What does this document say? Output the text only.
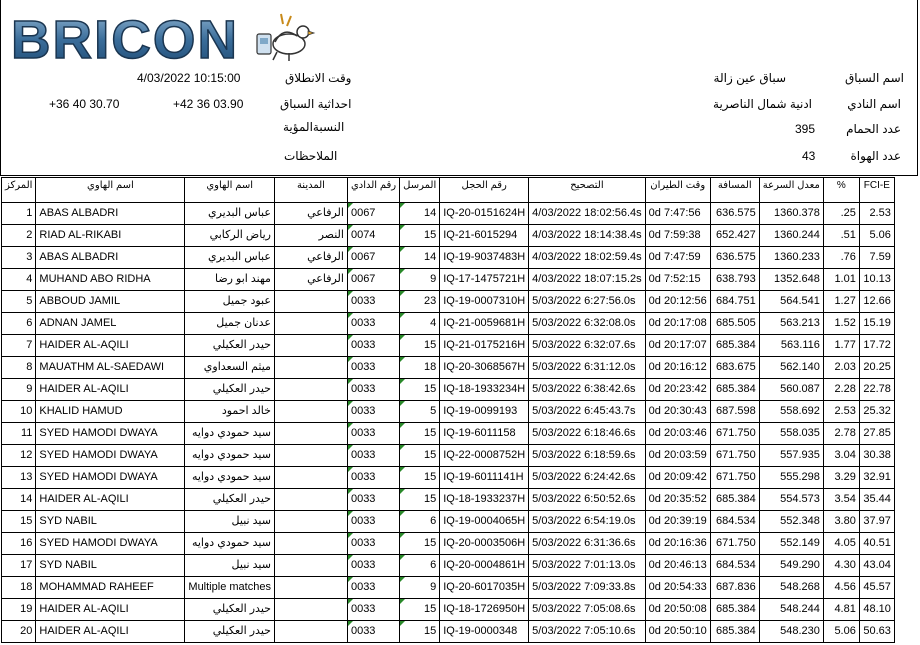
BRICON
وقت الانطلاق
4/03/2022 10:15:00
احداثية السباق
+42 36 03.90
+36 40 30.70
النسبةالمؤية
الملاحظات
اسم السباق
سباق عين زالة
اسم النادي
ادنية شمال الناصرية
عدد الحمام
395
عدد الهواة
43
المركز	اسم الهاوي	اسم الهاوي	المدينة	رقم الدادي	المرسل	رقم الحجل	التصحيح	وقت الطيران	المسافة	معدل السرعة	%	FCI-E
1	ABAS ALBADRI	عباس البديري	الرفاعي	0067	14	IQ-20-0151624H	4/03/2022 18:02:56.4s	0d 7:47:56	636.575	1360.378	.25	2.53
2	RIAD AL-RIKABI	رياض الركابي	النصر	0074	15	IQ-21-6015294	4/03/2022 18:14:38.4s	0d 7:59:38	652.427	1360.244	.51	5.06
3	ABAS ALBADRI	عباس البديري	الرفاعي	0067	14	IQ-19-9037483H	4/03/2022 18:02:59.4s	0d 7:47:59	636.575	1360.233	.76	7.59
4	MUHAND ABO RIDHA	مهند ابو رضا	الرفاعي	0067	9	IQ-17-1475721H	4/03/2022 18:07:15.2s	0d 7:52:15	638.793	1352.648	1.01	10.13
5	ABBOUD JAMIL	عبود جميل		0033	23	IQ-19-0007310H	5/03/2022 6:27:56.0s	0d 20:12:56	684.751	564.541	1.27	12.66
6	ADNAN JAMEL	عدنان جميل		0033	4	IQ-21-0059681H	5/03/2022 6:32:08.0s	0d 20:17:08	685.505	563.213	1.52	15.19
7	HAIDER AL-AQILI	حيدر العكيلي		0033	15	IQ-21-0175216H	5/03/2022 6:32:07.6s	0d 20:17:07	685.384	563.116	1.77	17.72
8	MAUATHM AL-SAEDAWI	ميثم السعداوي		0033	18	IQ-20-3068567H	5/03/2022 6:31:12.0s	0d 20:16:12	683.675	562.140	2.03	20.25
9	HAIDER AL-AQILI	حيدر العكيلي		0033	15	IQ-18-1933234H	5/03/2022 6:38:42.6s	0d 20:23:42	685.384	560.087	2.28	22.78
10	KHALID HAMUD	خالد احمود		0033	5	IQ-19-0099193	5/03/2022 6:45:43.7s	0d 20:30:43	687.598	558.692	2.53	25.32
11	SYED HAMODI DWAYA	سيد حمودي دوايه		0033	15	IQ-19-6011158	5/03/2022 6:18:46.6s	0d 20:03:46	671.750	558.035	2.78	27.85
12	SYED HAMODI DWAYA	سيد حمودي دوايه		0033	15	IQ-22-0008752H	5/03/2022 6:18:59.6s	0d 20:03:59	671.750	557.935	3.04	30.38
13	SYED HAMODI DWAYA	سيد حمودي دوايه		0033	15	IQ-19-6011141H	5/03/2022 6:24:42.6s	0d 20:09:42	671.750	555.298	3.29	32.91
14	HAIDER AL-AQILI	حيدر العكيلي		0033	15	IQ-18-1933237H	5/03/2022 6:50:52.6s	0d 20:35:52	685.384	554.573	3.54	35.44
15	SYD NABIL	سيد نبيل		0033	6	IQ-19-0004065H	5/03/2022 6:54:19.0s	0d 20:39:19	684.534	552.348	3.80	37.97
16	SYED HAMODI DWAYA	سيد حمودي دوايه		0033	15	IQ-20-0003506H	5/03/2022 6:31:36.6s	0d 20:16:36	671.750	552.149	4.05	40.51
17	SYD NABIL	سيد نبيل		0033	6	IQ-20-0004861H	5/03/2022 7:01:13.0s	0d 20:46:13	684.534	549.290	4.30	43.04
18	MOHAMMAD RAHEEF	Multiple matches		0033	9	IQ-20-6017035H	5/03/2022 7:09:33.8s	0d 20:54:33	687.836	548.268	4.56	45.57
19	HAIDER AL-AQILI	حيدر العكيلي		0033	15	IQ-18-1726950H	5/03/2022 7:05:08.6s	0d 20:50:08	685.384	548.244	4.81	48.10
20	HAIDER AL-AQILI	حيدر العكيلي		0033	15	IQ-19-0000348	5/03/2022 7:05:10.6s	0d 20:50:10	685.384	548.230	5.06	50.63
